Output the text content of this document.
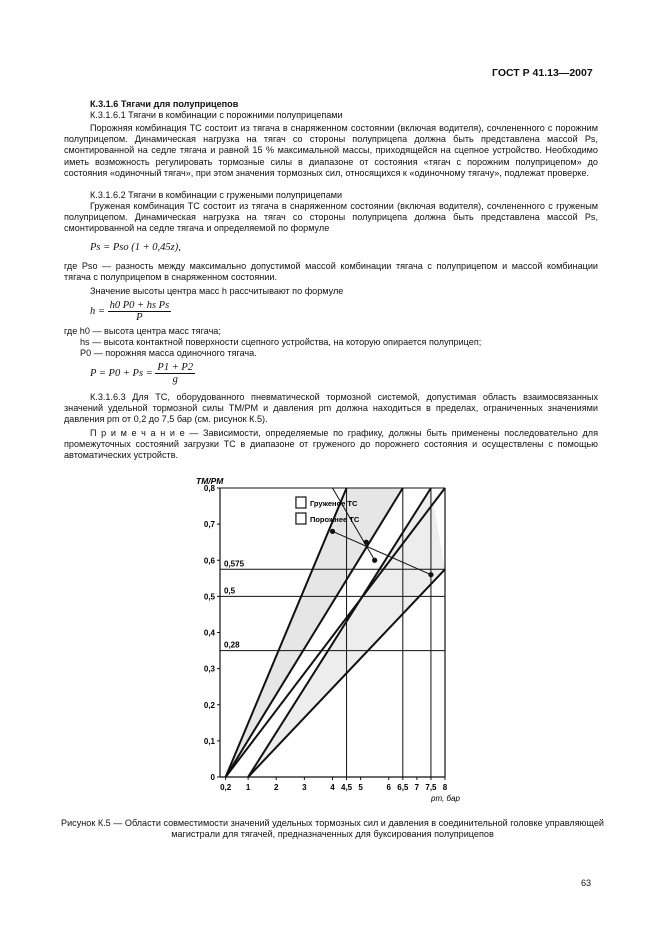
ГОСТ Р 41.13—2007
К.3.1.6 Тягачи для полуприцепов
К.3.1.6.1 Тягачи в комбинации с порожними полуприцепами

Порожняя комбинация ТС состоит из тягача в снаряженном состоянии (включая водителя), сочлененного с порожним полуприцепом. Динамическая нагрузка на тягач со стороны полуприцепа должна быть представлена массой Ps, смонтированной на седле тягача и равной 15 % максимальной массы, приходящейся на сцепное устройство. Необходимо иметь возможность регулировать тормозные силы в диапазоне от состояния «тягач с порожним полуприцепом» до состояния «одиночный тягач», при этом значения тормозных сил, относящихся к «одиночному тягачу», подлежат проверке.

К.3.1.6.2 Тягачи в комбинации с гружеными полуприцепами

Груженая комбинация ТС состоит из тягача в снаряженном состоянии (включая водителя), сочлененного с груженым полуприцепом. Динамическая нагрузка на тягач со стороны полуприцепа должна быть представлена массой Ps, смонтированной на седле тягача и определяемой по формуле

Ps = Pso (1 + 0,45z),

где Pso — разность между максимально допустимой массой комбинации тягача с полуприцепом и массой комбинации тягача с полуприцепом в снаряженном состоянии.

Значение высоты центра масс h рассчитывают по формуле
$h = \frac{\text{h0 P0 + hs Ps}}{P}$
где h0 — высота центра масс тягача;
hs — высота контактной поверхности сцепного устройства, на которую опирается полуприцеп;
P0 — порожняя масса одиночного тягача.
$P = P0 + Ps = \frac{P1 + P2}{g}$

К.3.1.6.3 Для ТС, оборудованного пневматической тормозной системой, допустимая область взаимосвязанных значений удельной тормозной силы TM/PM и давления pm должна находиться в пределах, ограниченных значениями давления pm от 0,2 до 7,5 бар (см. рисунок К.5).

П р и м е ч а н и е — Зависимости, определяемые по графику, должны быть применены последовательно для промежуточных состояний загрузки ТС в диапазоне от груженого до порожнего состояния и осуществлены с помощью автоматических устройств.

0
0,1
0,2
0,3
0,4
0,5
0,6
0,7
0,8
0,2 1	2	3	4 4,5 5	6 6,5 7 7,5 8
0,575
0,5
0,28
TM/PM
pm, бар
Груженое ТС
Порожнее ТС
Рисунок К.5 — Области совместимости значений удельных тормозных сил и давления в соединительной головке управляющей магистрали для тягачей, предназначенных для буксирования полуприцепов
63
